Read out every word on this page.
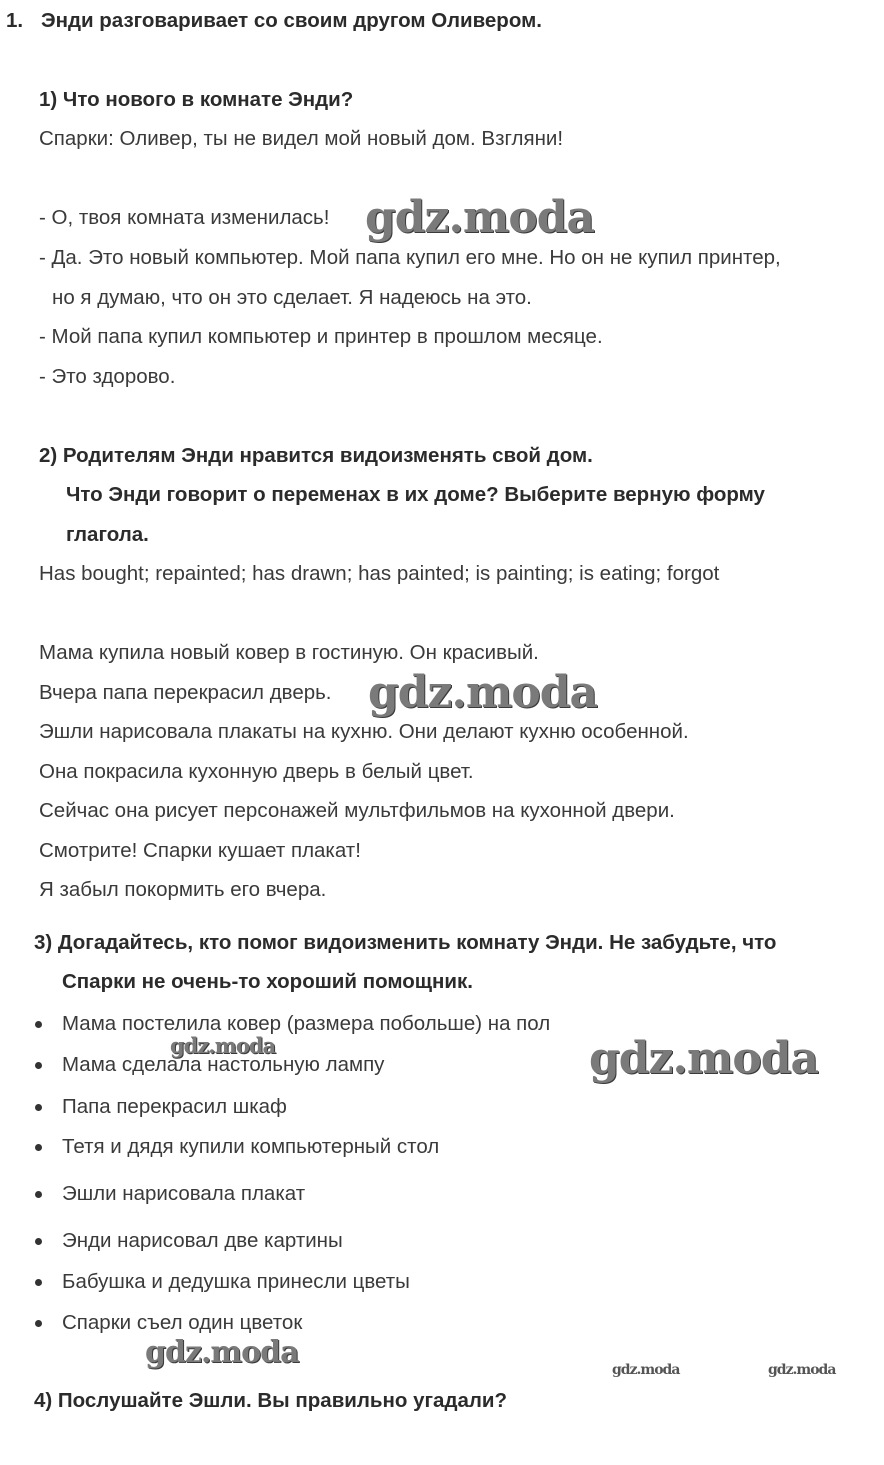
1. Энди разговаривает со своим другом Оливером.
1) Что нового в комнате Энди?
Спарки: Оливер, ты не видел мой новый дом. Взгляни!
- О, твоя комната изменилась!
- Да. Это новый компьютер. Мой папа купил его мне. Но он не купил принтер,
но я думаю, что он это сделает. Я надеюсь на это.
- Мой папа купил компьютер и принтер в прошлом месяце.
- Это здорово.
2) Родителям Энди нравится видоизменять свой дом.
Что Энди говорит о переменах в их доме? Выберите верную форму
глагола.
Has bought; repainted; has drawn; has painted; is painting; is eating; forgot
Мама купила новый ковер в гостиную. Он красивый.
Вчера папа перекрасил дверь.
Эшли нарисовала плакаты на кухню. Они делают кухню особенной.
Она покрасила кухонную дверь в белый цвет.
Сейчас она рисует персонажей мультфильмов на кухонной двери.
Смотрите! Спарки кушает плакат!
Я забыл покормить его вчера.
3) Догадайтесь, кто помог видоизменить комнату Энди. Не забудьте, что
Спарки не очень-то хороший помощник.
Мама постелила ковер (размера побольше) на пол
Мама сделала настольную лампу
Папа перекрасил шкаф
Тетя и дядя купили компьютерный стол
Эшли нарисовала плакат
Энди нарисовал две картины
Бабушка и дедушка принесли цветы
Спарки съел один цветок
4) Послушайте Эшли. Вы правильно угадали?
gdz.moda
gdz.moda
gdz.moda
gdz.moda
gdz.moda	gdz.moda	gdz.moda
